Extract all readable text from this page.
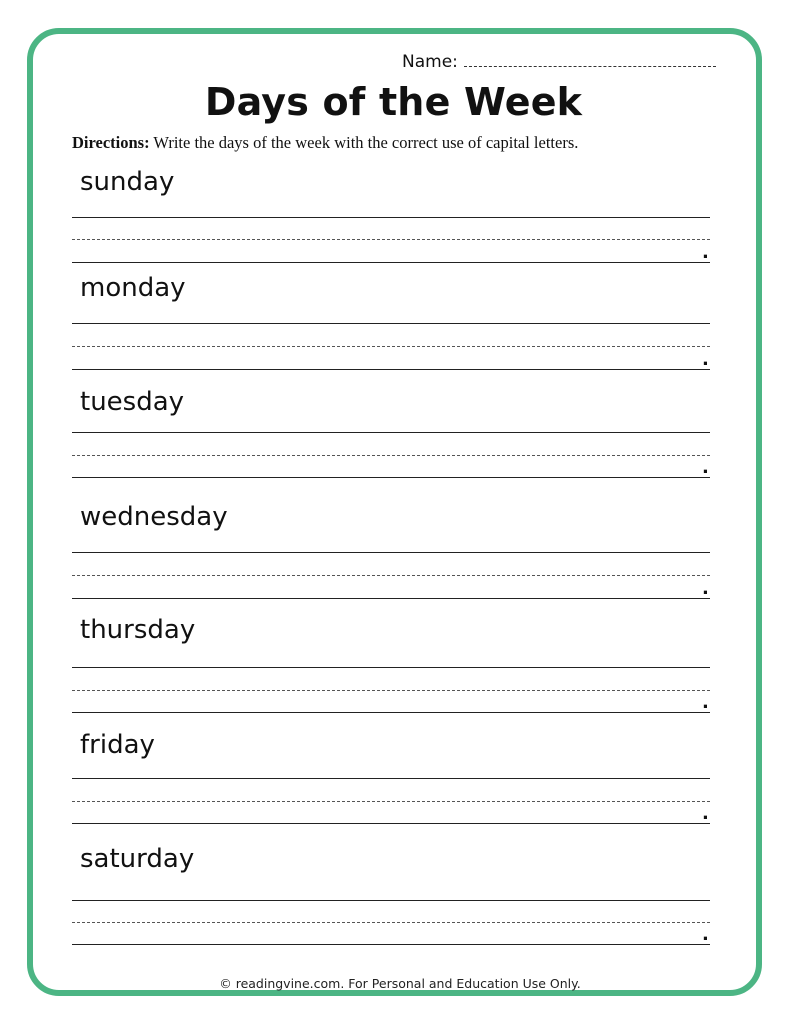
Name:
Days of the Week
Directions: Write the days of the week with the correct use of capital letters.
sunday
.
monday
.
tuesday
.
wednesday
.
thursday
.
friday
.
saturday
.
© readingvine.com. For Personal and Education Use Only.
